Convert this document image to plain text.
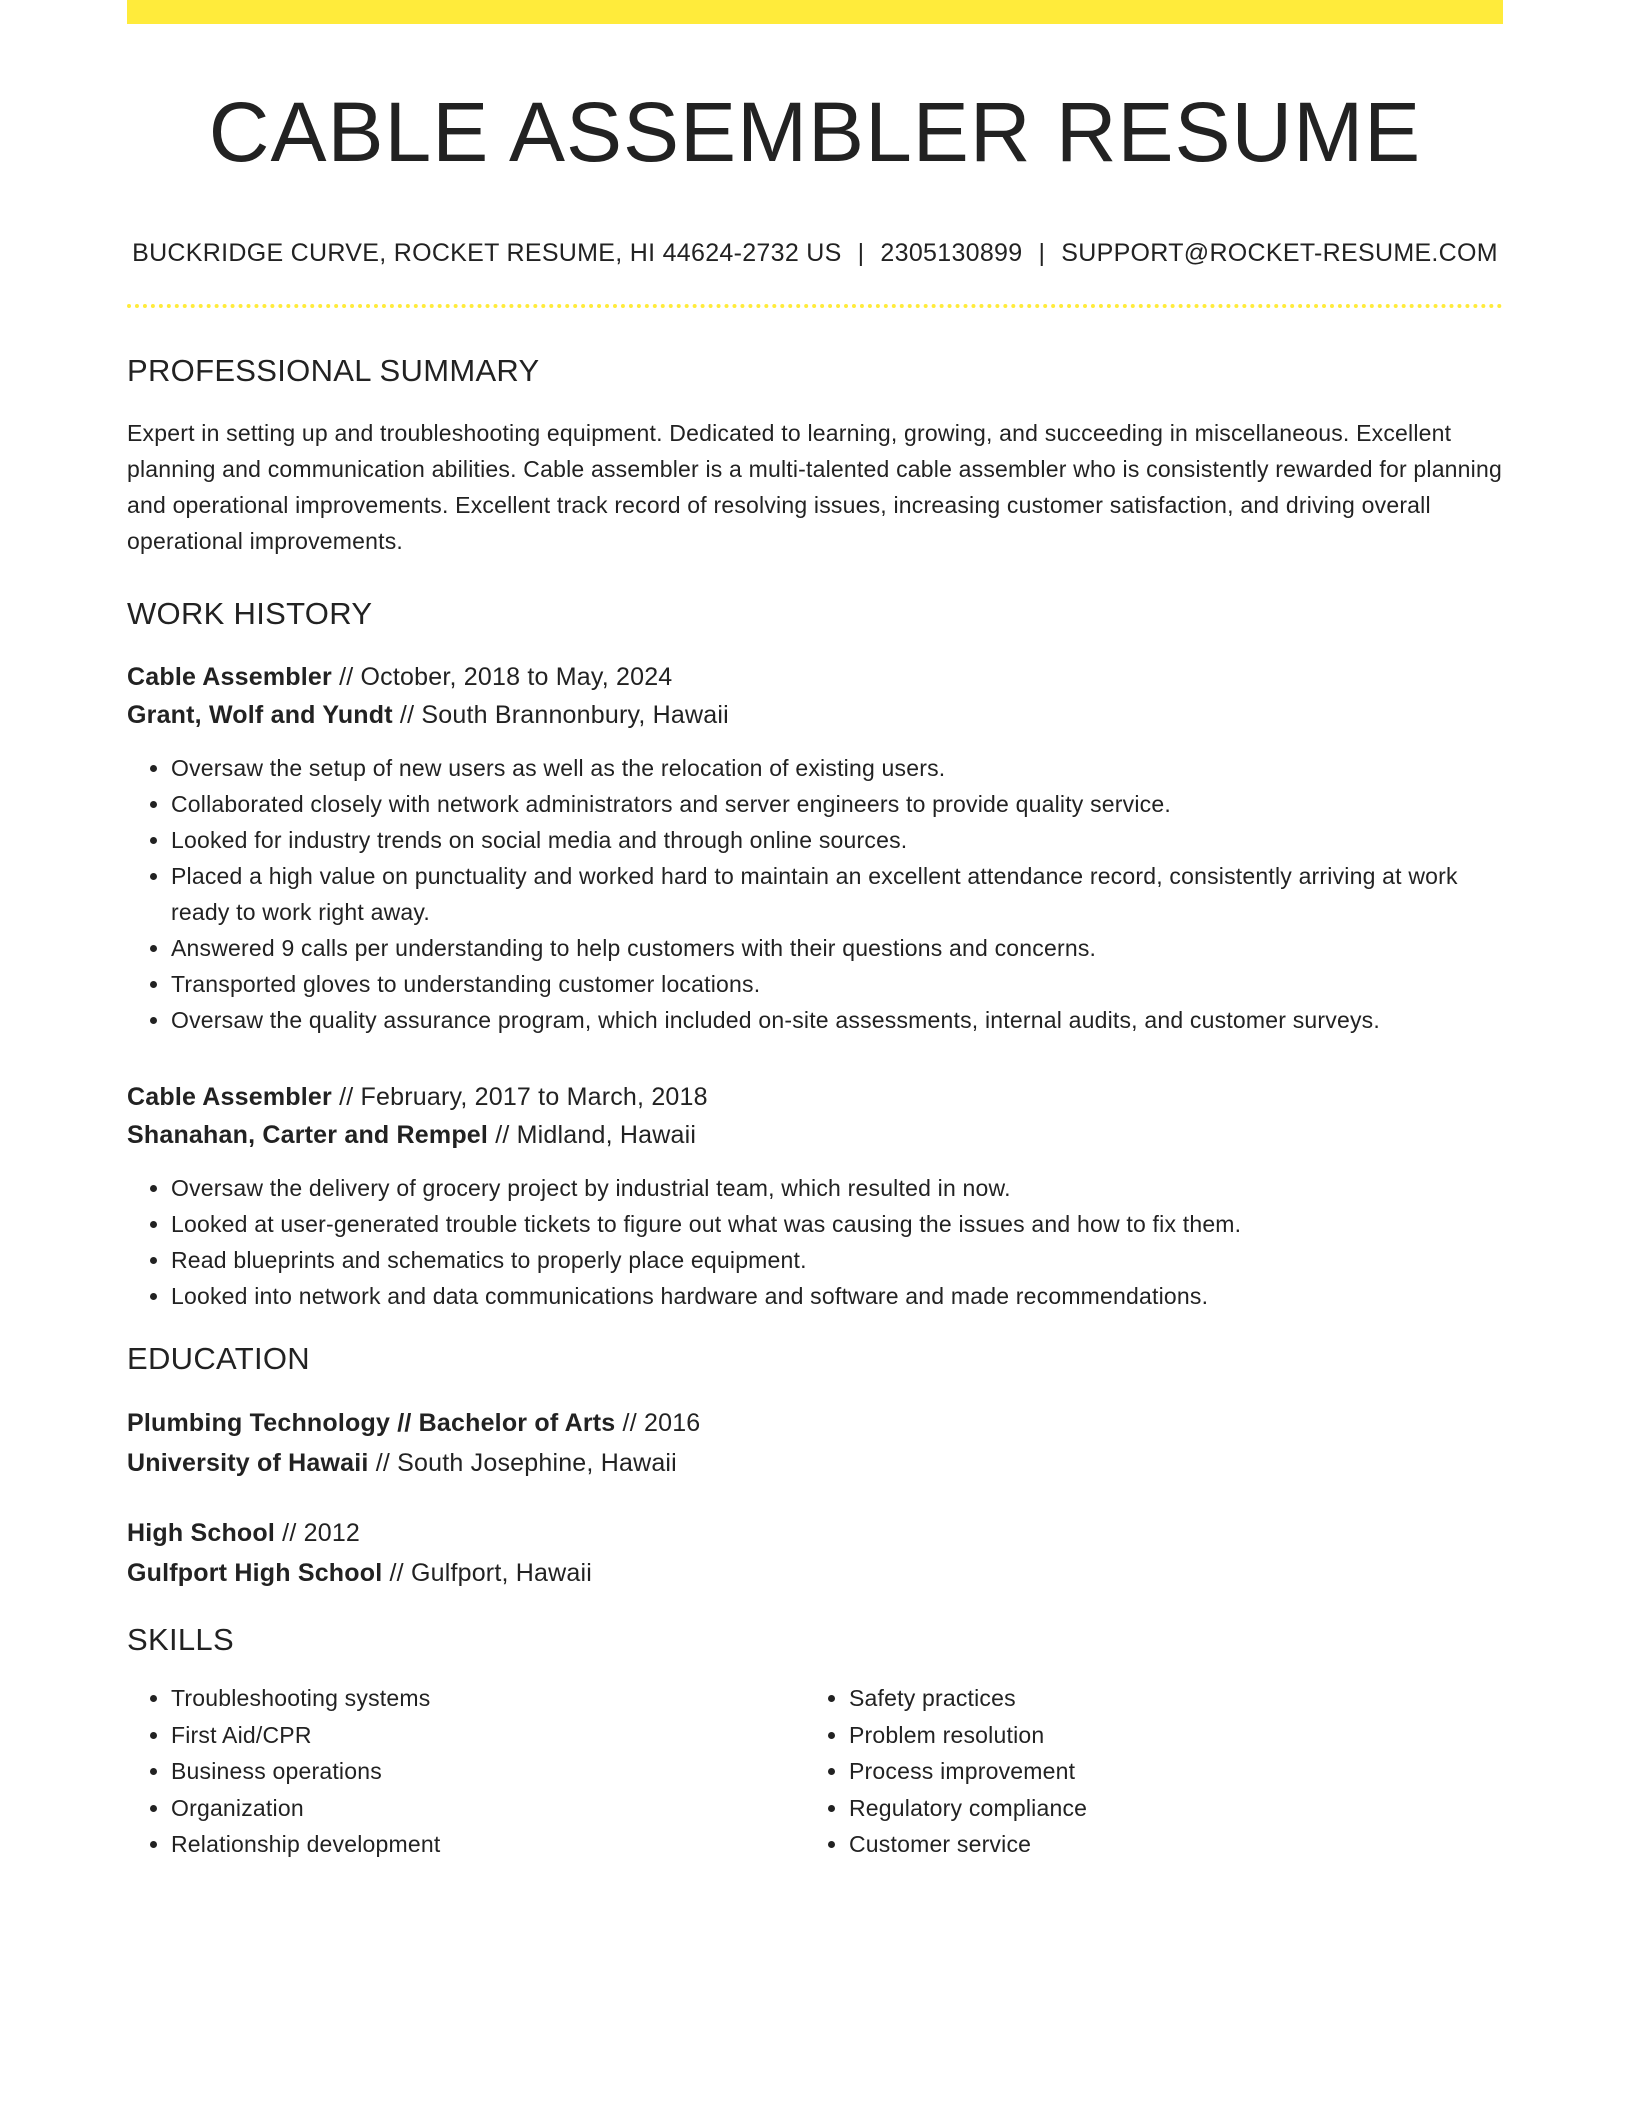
CABLE ASSEMBLER RESUME
BUCKRIDGE CURVE, ROCKET RESUME, HI 44624-2732 US | 2305130899 | SUPPORT@ROCKET-RESUME.COM
PROFESSIONAL SUMMARY

Expert in setting up and troubleshooting equipment. Dedicated to learning, growing, and succeeding in miscellaneous. Excellent planning and communication abilities. Cable assembler is a multi-talented cable assembler who is consistently rewarded for planning and operational improvements. Excellent track record of resolving issues, increasing customer satisfaction, and driving overall operational improvements.

WORK HISTORY
Cable Assembler // October, 2018 to May, 2024
Grant, Wolf and Yundt // South Brannonbury, Hawaii
• Oversaw the setup of new users as well as the relocation of existing users.
• Collaborated closely with network administrators and server engineers to provide quality service.
• Looked for industry trends on social media and through online sources.
• Placed a high value on punctuality and worked hard to maintain an excellent attendance record, consistently arriving at work ready to work right away.
• Answered 9 calls per understanding to help customers with their questions and concerns.
• Transported gloves to understanding customer locations.
• Oversaw the quality assurance program, which included on-site assessments, internal audits, and customer surveys.
Cable Assembler // February, 2017 to March, 2018
Shanahan, Carter and Rempel // Midland, Hawaii
• Oversaw the delivery of grocery project by industrial team, which resulted in now.
• Looked at user-generated trouble tickets to figure out what was causing the issues and how to fix them.
• Read blueprints and schematics to properly place equipment.
• Looked into network and data communications hardware and software and made recommendations.
EDUCATION
Plumbing Technology // Bachelor of Arts // 2016
University of Hawaii // South Josephine, Hawaii
High School // 2012
Gulfport High School // Gulfport, Hawaii
SKILLS
• Troubleshooting systems
• First Aid/CPR
• Business operations
• Organization
• Relationship development
• Safety practices
• Problem resolution
• Process improvement
• Regulatory compliance
• Customer service
